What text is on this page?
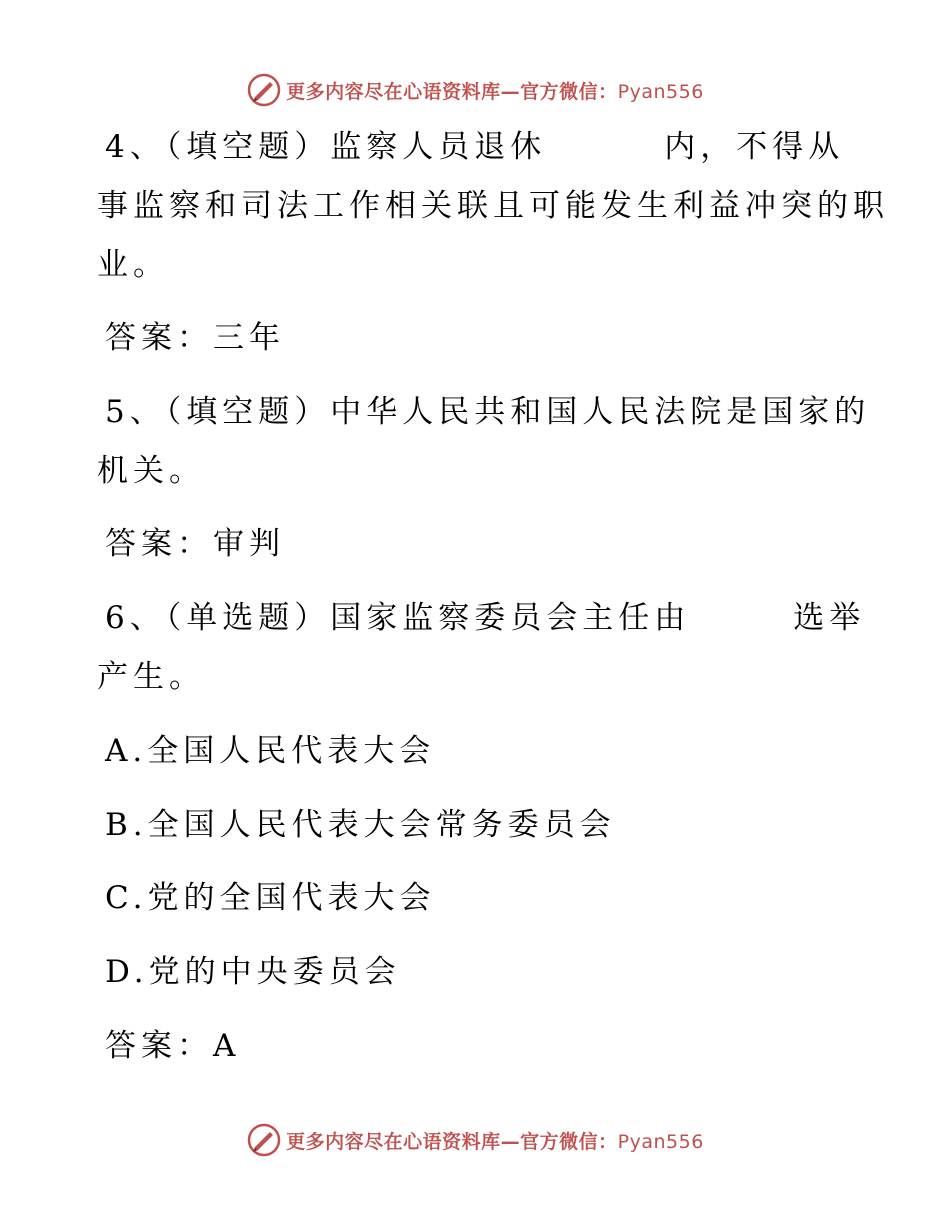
更多内容尽在心语资料库—官方微信：Pyan556
4、（填空题）监察人员退休	内，不得从
事监察和司法工作相关联且可能发生利益冲突的职
业。
答案：三年
5、（填空题）中华人民共和国人民法院是国家的
机关。
答案：审判
6、（单选题）国家监察委员会主任由	选举
产生。
A.全国人民代表大会
B.全国人民代表大会常务委员会
C.党的全国代表大会
D.党的中央委员会
答案：A
更多内容尽在心语资料库—官方微信：Pyan556
